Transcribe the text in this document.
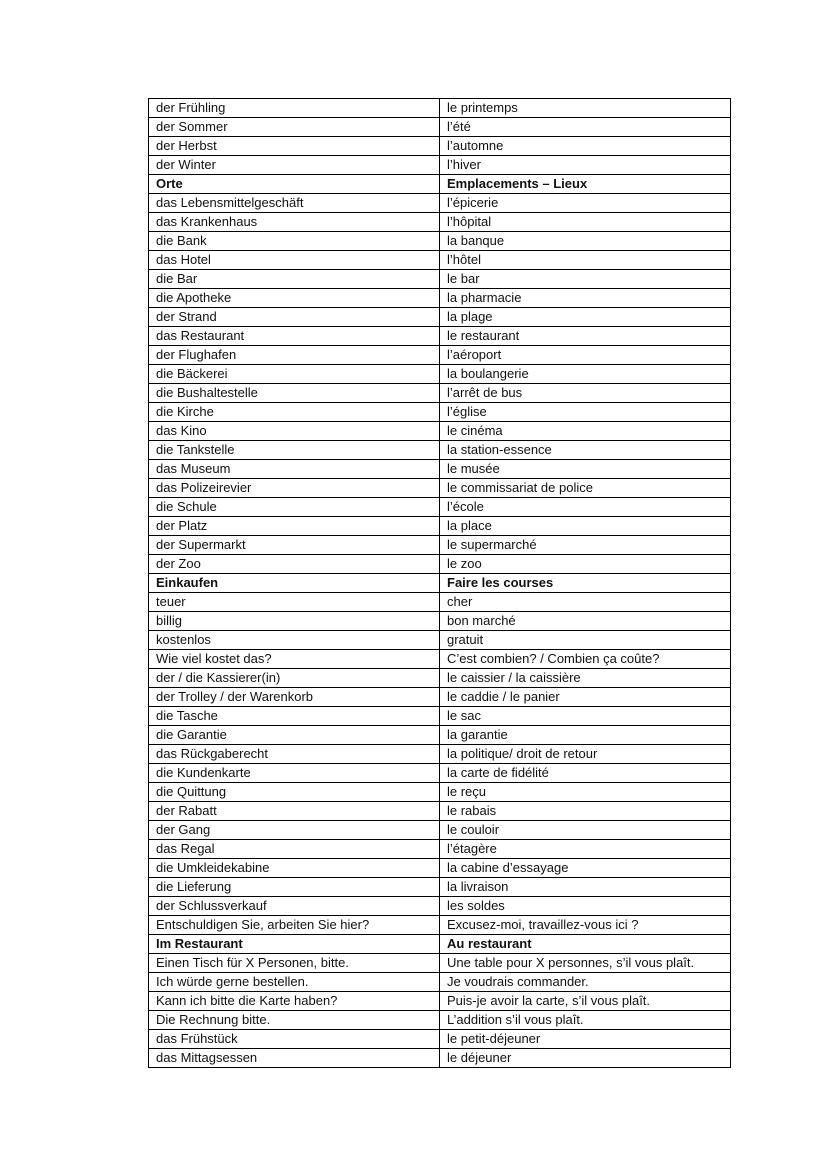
der Frühling	le printemps
der Sommer	l’été
der Herbst	l’automne
der Winter	l’hiver
Orte	Emplacements – Lieux
das Lebensmittelgeschäft	l’épicerie
das Krankenhaus	l’hôpital
die Bank	la banque
das Hotel	l’hôtel
die Bar	le bar
die Apotheke	la pharmacie
der Strand	la plage
das Restaurant	le restaurant
der Flughafen	l’aéroport
die Bäckerei	la boulangerie
die Bushaltestelle	l’arrêt de bus
die Kirche	l’église
das Kino	le cinéma
die Tankstelle	la station-essence
das Museum	le musée
das Polizeirevier	le commissariat de police
die Schule	l’école
der Platz	la place
der Supermarkt	le supermarché
der Zoo	le zoo
Einkaufen	Faire les courses
teuer	cher
billig	bon marché
kostenlos	gratuit
Wie viel kostet das?	C’est combien? / Combien ça coûte?
der / die Kassierer(in)	le caissier / la caissière
der Trolley / der Warenkorb	le caddie / le panier
die Tasche	le sac
die Garantie	la garantie
das Rückgaberecht	la politique/ droit de retour
die Kundenkarte	la carte de fidélité
die Quittung	le reçu
der Rabatt	le rabais
der Gang	le couloir
das Regal	l’étagère
die Umkleidekabine	la cabine d’essayage
die Lieferung	la livraison
der Schlussverkauf	les soldes
Entschuldigen Sie, arbeiten Sie hier?	Excusez-moi, travaillez-vous ici ?
Im Restaurant	Au restaurant
Einen Tisch für X Personen, bitte.	Une table pour X personnes, s’il vous plaît.
Ich würde gerne bestellen.	Je voudrais commander.
Kann ich bitte die Karte haben?	Puis-je avoir la carte, s’il vous plaît.
Die Rechnung bitte.	L’addition s’il vous plaît.
das Frühstück	le petit-déjeuner
das Mittagsessen	le déjeuner
